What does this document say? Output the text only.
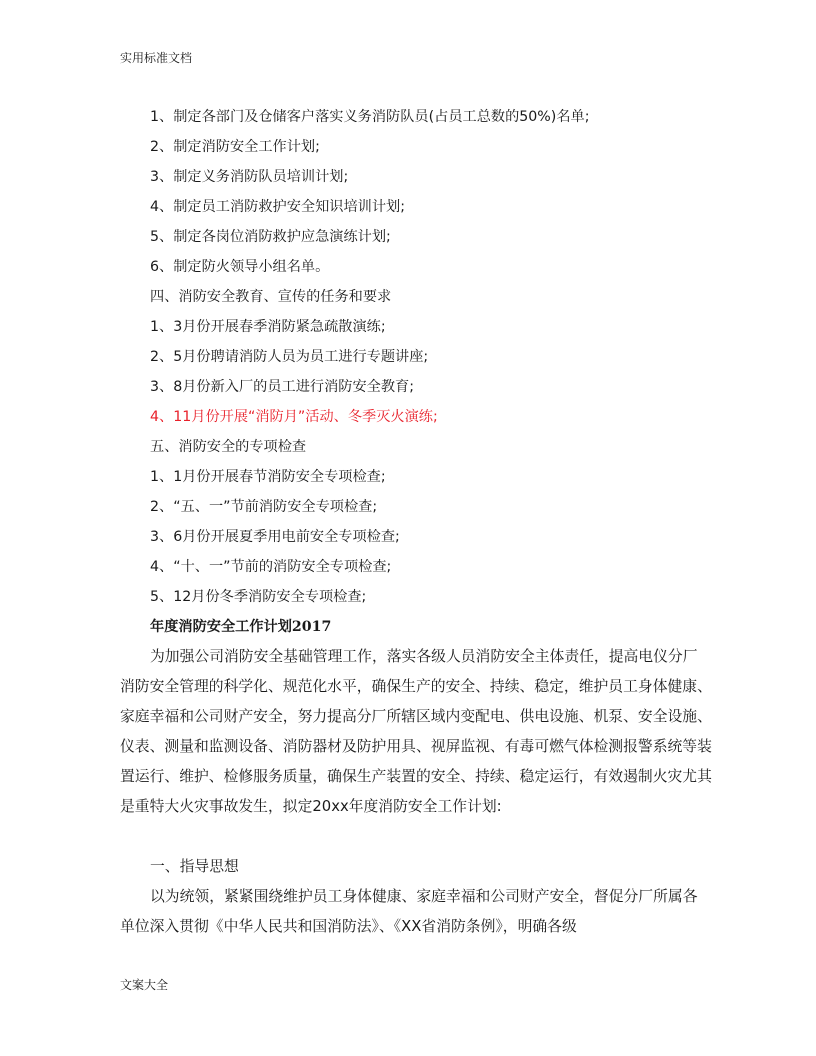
实用标准文档
1、制定各部门及仓储客户落实义务消防队员(占员工总数的50%)名单;
2、制定消防安全工作计划;
3、制定义务消防队员培训计划;
4、制定员工消防救护安全知识培训计划;
5、制定各岗位消防救护应急演练计划;
6、制定防火领导小组名单。
四、消防安全教育、宣传的任务和要求
1、3月份开展春季消防紧急疏散演练;
2、5月份聘请消防人员为员工进行专题讲座;
3、8月份新入厂的员工进行消防安全教育;
4、11月份开展“消防月”活动、冬季灭火演练;
五、消防安全的专项检查
1、1月份开展春节消防安全专项检查;
2、“五、一”节前消防安全专项检查;
3、6月份开展夏季用电前安全专项检查;
4、“十、一”节前的消防安全专项检查;
5、12月份冬季消防安全专项检查;
年度消防安全工作计划2017

为加强公司消防安全基础管理工作，落实各级人员消防安全主体责任，提高电仪分厂消防安全管理的科学化、规范化水平，确保生产的安全、持续、稳定，维护员工身体健康、家庭幸福和公司财产安全，努力提高分厂所辖区域内变配电、供电设施、机泵、安全设施、仪表、测量和监测设备、消防器材及防护用具、视屏监视、有毒可燃气体检测报警系统等装置运行、维护、检修服务质量，确保生产装置的安全、持续、稳定运行，有效遏制火灾尤其是重特大火灾事故发生，拟定20xx年度消防安全工作计划:

一、指导思想

以为统领，紧紧围绕维护员工身体健康、家庭幸福和公司财产安全，督促分厂所属各单位深入贯彻《中华人民共和国消防法》、《XX省消防条例》，明确各级

文案大全
